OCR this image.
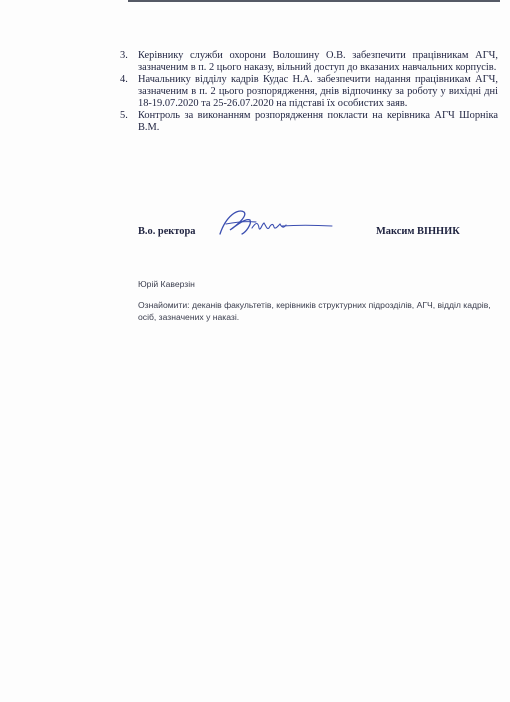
3. Керівнику служби охорони Волошину О.В. забезпечити працівникам АГЧ, зазначеним в п. 2 цього наказу, вільний доступ до вказаних навчальних корпусів.
4. Начальнику відділу кадрів Кудас Н.А. забезпечити надання працівникам АГЧ, зазначеним в п. 2 цього розпорядження, днів відпочинку за роботу у вихідні дні 18-19.07.2020 та 25-26.07.2020 на підставі їх особистих заяв.
5. Контроль за виконанням розпорядження покласти на керівника АГЧ Шорніка В.М.
В.о. ректора	Максим ВІННИК
Юрій Каверзін
Ознайомити: деканів факультетів, керівників структурних підрозділів, АГЧ, відділ кадрів, осіб, зазначених у наказі.
